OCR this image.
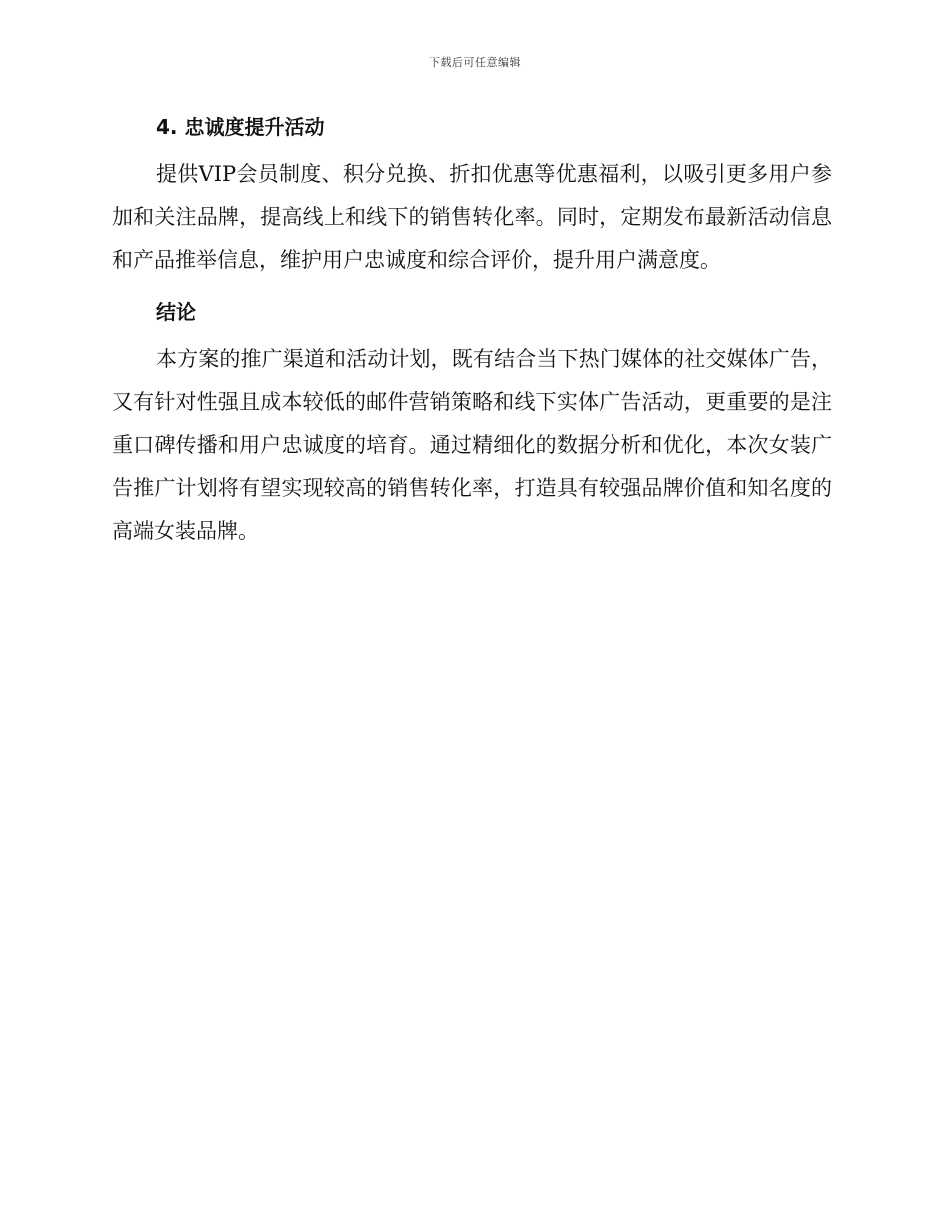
下载后可任意编辑
4. 忠诚度提升活动

提供VIP会员制度、积分兑换、折扣优惠等优惠福利，以吸引更多用户参加和关注品牌，提高线上和线下的销售转化率。同时，定期发布最新活动信息和产品推举信息，维护用户忠诚度和综合评价，提升用户满意度。

结论

本方案的推广渠道和活动计划，既有结合当下热门媒体的社交媒体广告，又有针对性强且成本较低的邮件营销策略和线下实体广告活动，更重要的是注重口碑传播和用户忠诚度的培育。通过精细化的数据分析和优化，本次女装广告推广计划将有望实现较高的销售转化率，打造具有较强品牌价值和知名度的高端女装品牌。
